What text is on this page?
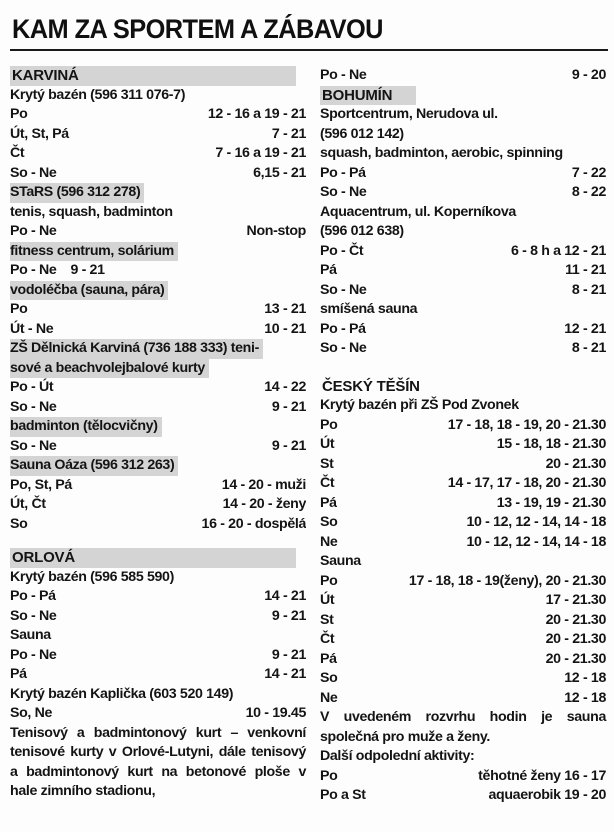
KAM ZA SPORTEM A ZÁBAVOU
KARVINÁ
Krytý bazén (596 311 076-7)
Po	12 - 16 a 19 - 21
Út, St, Pá	7 - 21
Čt	7 - 16 a 19 - 21
So - Ne	6,15 - 21
STaRS (596 312 278)
tenis, squash, badminton
Po - Ne	Non-stop
fitness centrum, solárium
Po - Ne 9 - 21
vodoléčba (sauna, pára)
Po	13 - 21
Út - Ne	10 - 21
ZŠ Dělnická Karviná (736 188 333) teni-
sové a beachvolejbalové kurty
Po - Út	14 - 22
So - Ne	9 - 21
badminton (tělocvičny)
So - Ne	9 - 21
Sauna Oáza (596 312 263)
Po, St, Pá	14 - 20 - muži
Út, Čt	14 - 20 - ženy
So	16 - 20 - dospělá
ORLOVÁ
Krytý bazén (596 585 590)
Po - Pá	14 - 21
So - Ne	9 - 21
Sauna
Po - Ne	9 - 21
Pá	14 - 21
Krytý bazén Kaplička (603 520 149)
So, Ne	10 - 19.45
Tenisový a badmintonový kurt – venkovní tenisové kurty v Orlové-Lutyni, dále tenisový a badmintonový kurt na betonové ploše v hale zimního stadionu,
Po - Ne	9 - 20
BOHUMÍN
Sportcentrum, Nerudova ul.
(596 012 142)
squash, badminton, aerobic, spinning
Po - Pá	7 - 22
So - Ne	8 - 22
Aquacentrum, ul. Koperníkova
(596 012 638)
Po - Čt	6 - 8 h a 12 - 21
Pá	11 - 21
So - Ne	8 - 21
smíšená sauna
Po - Pá	12 - 21
So - Ne	8 - 21
ČESKÝ TĚŠÍN
Krytý bazén při ZŠ Pod Zvonek
Po	17 - 18, 18 - 19, 20 - 21.30
Út	15 - 18, 18 - 21.30
St	20 - 21.30
Čt	14 - 17, 17 - 18, 20 - 21.30
Pá	13 - 19, 19 - 21.30
So	10 - 12, 12 - 14, 14 - 18
Ne	10 - 12, 12 - 14, 14 - 18
Sauna
Po	17 - 18, 18 - 19(ženy), 20 - 21.30
Út	17 - 21.30
St	20 - 21.30
Čt	20 - 21.30
Pá	20 - 21.30
So	12 - 18
Ne	12 - 18
V uvedeném rozvrhu hodin je sauna společná pro muže a ženy.
Další odpolední aktivity:
Po	těhotné ženy 16 - 17
Po a St	aquaerobik 19 - 20
